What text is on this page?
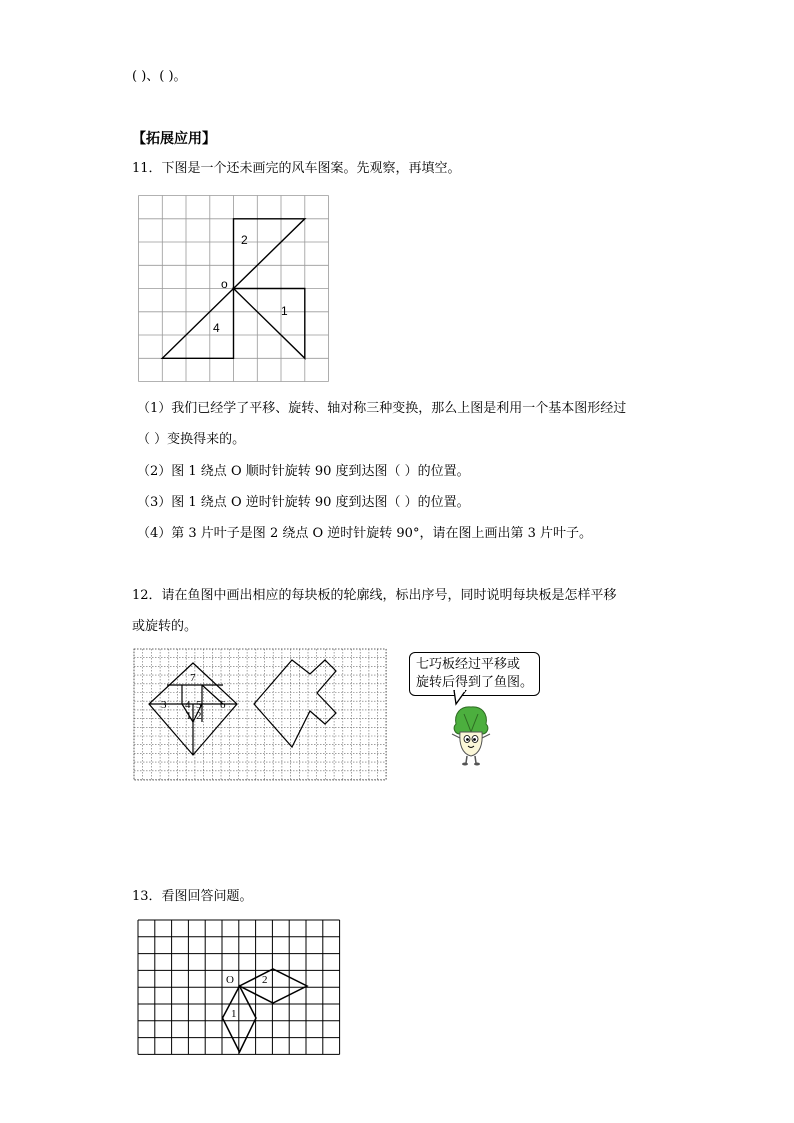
( )、( )。
【拓展应用】
11．下图是一个还未画完的风车图案。先观察，再填空。
o
2
1
4
（1）我们已经学了平移、旋转、轴对称三种变换，那么上图是利用一个基本图形经过
（ ）变换得来的。
（2）图 1 绕点 O 顺时针旋转 90 度到达图（ ）的位置。
（3）图 1 绕点 O 逆时针旋转 90 度到达图（ ）的位置。
（4）第 3 片叶子是图 2 绕点 O 逆时针旋转 90°，请在图上画出第 3 片叶子。
12．请在鱼图中画出相应的每块板的轮廓线，标出序号，同时说明每块板是怎样平移
或旋转的。
7
3 4 5 6
1 2
七巧板经过平移或
旋转后得到了鱼图。
13．看图回答问题。
O
1
2
